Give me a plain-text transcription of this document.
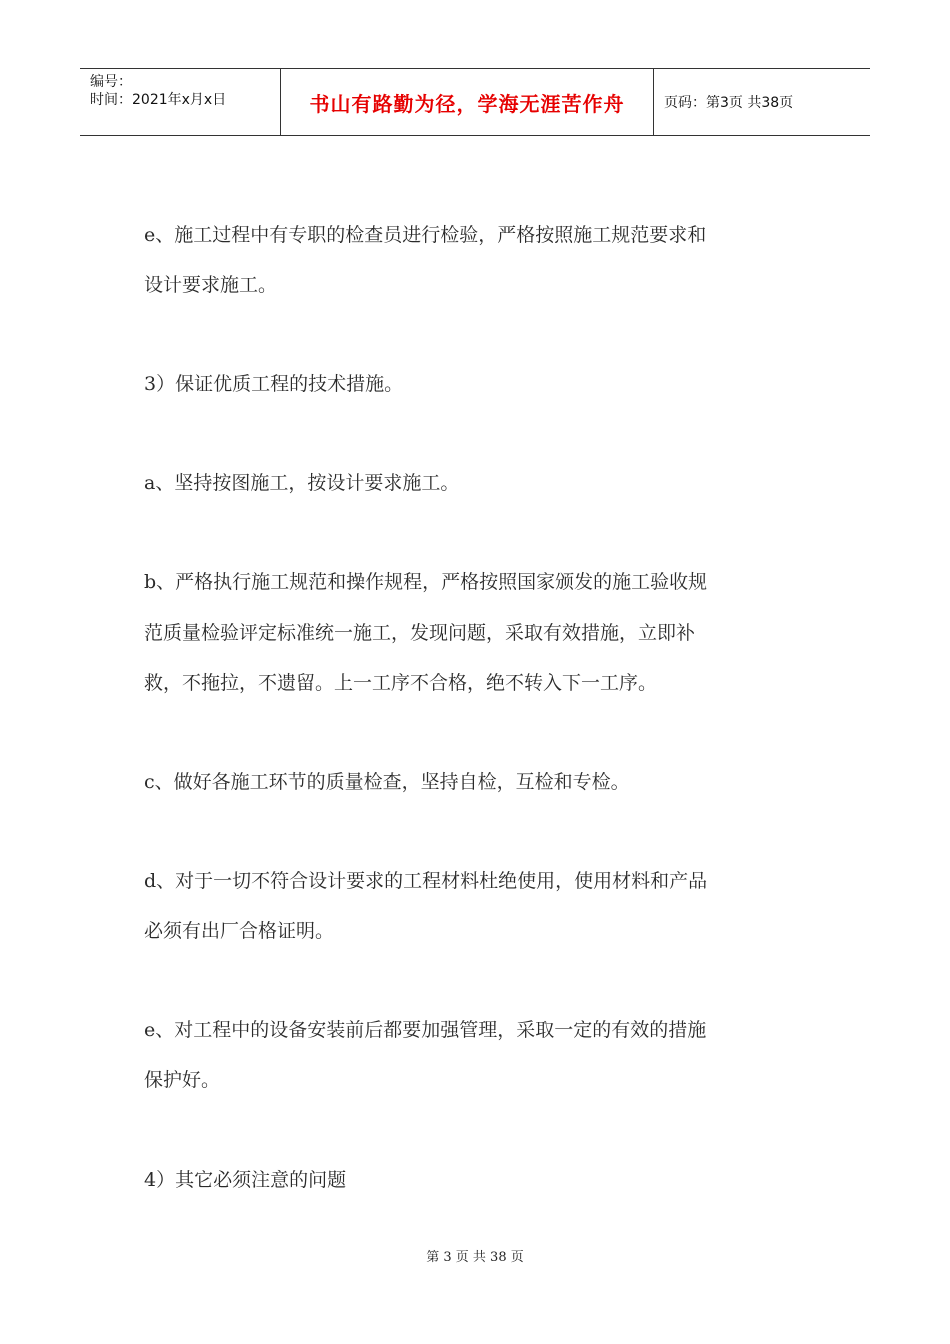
编号：
时间：2021年x月x日	书山有路勤为径，学海无涯苦作舟	页码：第3页 共38页

e、施工过程中有专职的检查员进行检验，严格按照施工规范要求和

设计要求施工。

3）保证优质工程的技术措施。

a、坚持按图施工，按设计要求施工。

b、严格执行施工规范和操作规程，严格按照国家颁发的施工验收规

范质量检验评定标准统一施工，发现问题，采取有效措施，立即补

救，不拖拉，不遗留。上一工序不合格，绝不转入下一工序。

c、做好各施工环节的质量检查，坚持自检，互检和专检。

d、对于一切不符合设计要求的工程材料杜绝使用，使用材料和产品

必须有出厂合格证明。

e、对工程中的设备安装前后都要加强管理，采取一定的有效的措施

保护好。

4）其它必须注意的问题

第 3 页 共 38 页
